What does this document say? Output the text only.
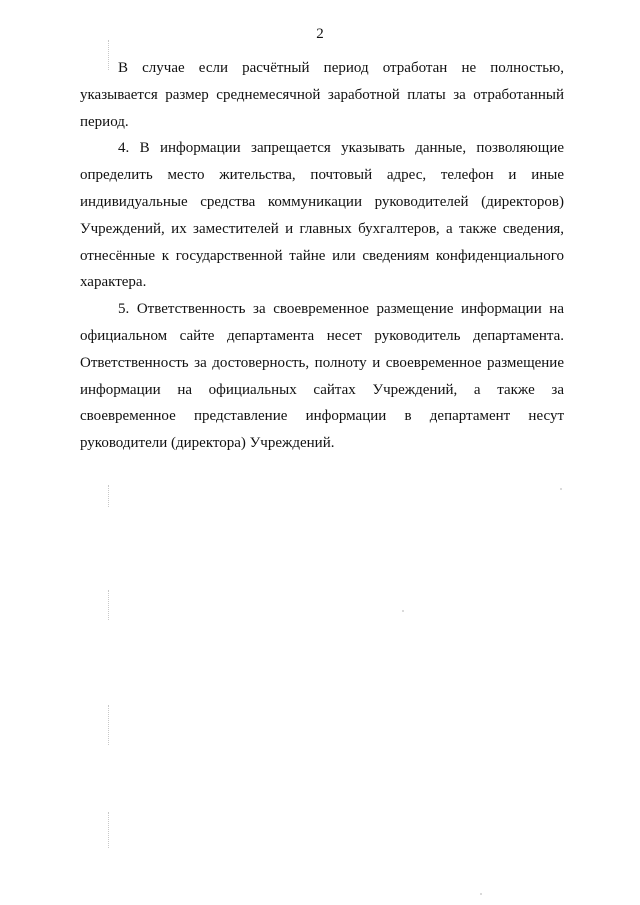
2

В случае если расчётный период отработан не полностью, указывается размер среднемесячной заработной платы за отработанный период.

4. В информации запрещается указывать данные, позволяющие определить место жительства, почтовый адрес, телефон и иные индивидуальные средства коммуникации руководителей (директоров) Учреждений, их заместителей и главных бухгалтеров, а также сведения, отнесённые к государственной тайне или сведениям конфиденциального характера.

5. Ответственность за своевременное размещение информации на официальном сайте департамента несет руководитель департамента. Ответственность за достоверность, полноту и своевременное размещение информации на официальных сайтах Учреждений, а также за своевременное представление информации в департамент несут руководители (директора) Учреждений.
